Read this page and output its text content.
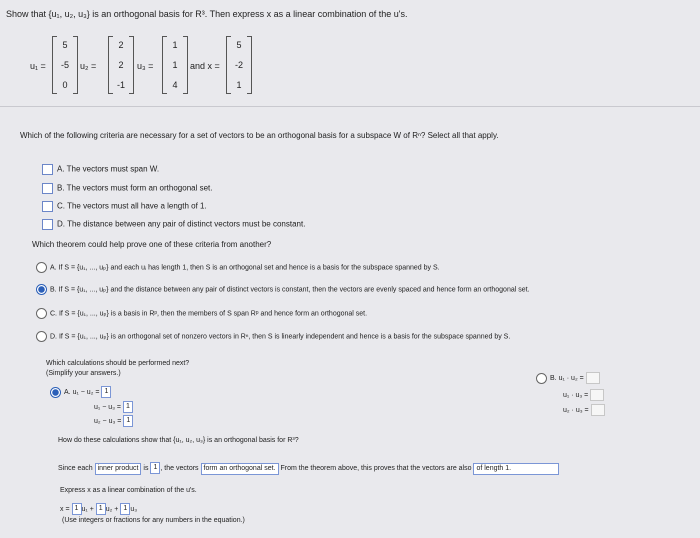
Show that {u₁, u₂, u₃} is an orthogonal basis for R³. Then express x as a linear combination of the u's.
u₁ =
5
-5
0
u₂ =
2
2
-1
u₃ =
1
1
4
and x =
5
-2
1
Which of the following criteria are necessary for a set of vectors to be an orthogonal basis for a subspace W of Rⁿ? Select all that apply.
A. The vectors must span W.
B. The vectors must form an orthogonal set.
C. The vectors must all have a length of 1.
D. The distance between any pair of distinct vectors must be constant.
Which theorem could help prove one of these criteria from another?
A. If S = {u₁, ..., uₚ} and each uᵢ has length 1, then S is an orthogonal set and hence is a basis for the subspace spanned by S.
B. If S = {u₁, ..., uₚ} and the distance between any pair of distinct vectors is constant, then the vectors are evenly spaced and hence form an orthogonal set.
C. If S = {u₁, ..., uₚ} is a basis in Rᵖ, then the members of S span Rᵖ and hence form an orthogonal set.
D. If S = {u₁, ..., uₚ} is an orthogonal set of nonzero vectors in Rⁿ, then S is linearly independent and hence is a basis for the subspace spanned by S.
Which calculations should be performed next?
(Simplify your answers.)
A. u₁ − u₂ = 1
u₁ − u₃ = 1
u₂ − u₃ = 1
B. u₁ · u₂ =
u₁ · u₃ =
u₂ · u₃ =
How do these calculations show that {u₁, u₂, u₃} is an orthogonal basis for R³?
Since each inner product is 1 , the vectors form an orthogonal set. From the theorem above, this proves that the vectors are also of length 1.
Express x as a linear combination of the u's.
x = 1 u₁ + 1 u₂ + 1 u₃
(Use integers or fractions for any numbers in the equation.)
